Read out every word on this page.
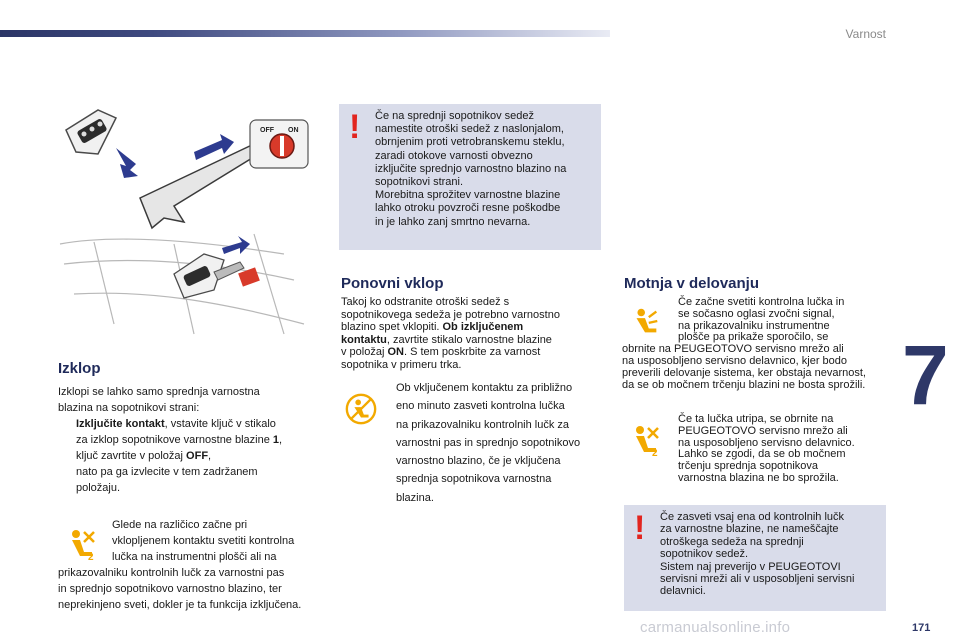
Varnost
OFF ON ! Če na sprednji sopotnikov sedež
namestite otroški sedež z naslonjalom,
obrnjenim proti vetrobranskemu steklu,
zaradi otokove varnosti obvezno
izključite sprednjo varnostno blazino na
sopotnikovi strani.
Morebitna sprožitev varnostne blazine
lahko otroku povzroči resne poškodbe
in je lahko zanj smrtno nevarna.
Izklop
Izklopi se lahko samo sprednja varnostna
blazina na sopotnikovi strani:
Izključite kontakt, vstavite ključ v stikalo
za izklop sopotnikove varnostne blazine 1,
ključ zavrtite v položaj OFF,
nato pa ga izvlecite v tem zadržanem
položaju.
2
Glede na različico začne pri
vklopljenem kontaktu svetiti kontrolna
lučka na instrumentni plošči ali na
prikazovalniku kontrolnih lučk za varnostni pas
in sprednjo sopotnikovo varnostno blazino, ter
neprekinjeno sveti, dokler je ta funkcija izključena.
Ponovni vklop
Takoj ko odstranite otroški sedež s
sopotnikovega sedeža je potrebno varnostno
blazino spet vklopiti. Ob izključenem
kontaktu, zavrtite stikalo varnostne blazine
v položaj ON. S tem poskrbite za varnost
sopotnika v primeru trka.
Ob vključenem kontaktu za približno
eno minuto zasveti kontrolna lučka
na prikazovalniku kontrolnih lučk za
varnostni pas in sprednjo sopotnikovo
varnostno blazino, če je vključena
sprednja sopotnikova varnostna
blazina.
Motnja v delovanju
Če začne svetiti kontrolna lučka in
se sočasno oglasi zvočni signal,
na prikazovalniku instrumentne
plošče pa prikaže sporočilo, se
obrnite na PEUGEOTOVO servisno mrežo ali
na usposobljeno servisno delavnico, kjer bodo
preverili delovanje sistema, ker obstaja nevarnost,
da se ob močnem trčenju blazini ne bosta sprožili.
2
Če ta lučka utripa, se obrnite na
PEUGEOTOVO servisno mrežo ali
na usposobljeno servisno delavnico.
Lahko se zgodi, da se ob močnem
trčenju sprednja sopotnikova
varnostna blazina ne bo sprožila.
! Če zasveti vsaj ena od kontrolnih lučk
za varnostne blazine, ne nameščajte
otroškega sedeža na sprednji
sopotnikov sedež.
Sistem naj preverijo v PEUGEOTOVI
servisni mreži ali v usposobljeni servisni
delavnici.
7
carmanualsonline.info	171
